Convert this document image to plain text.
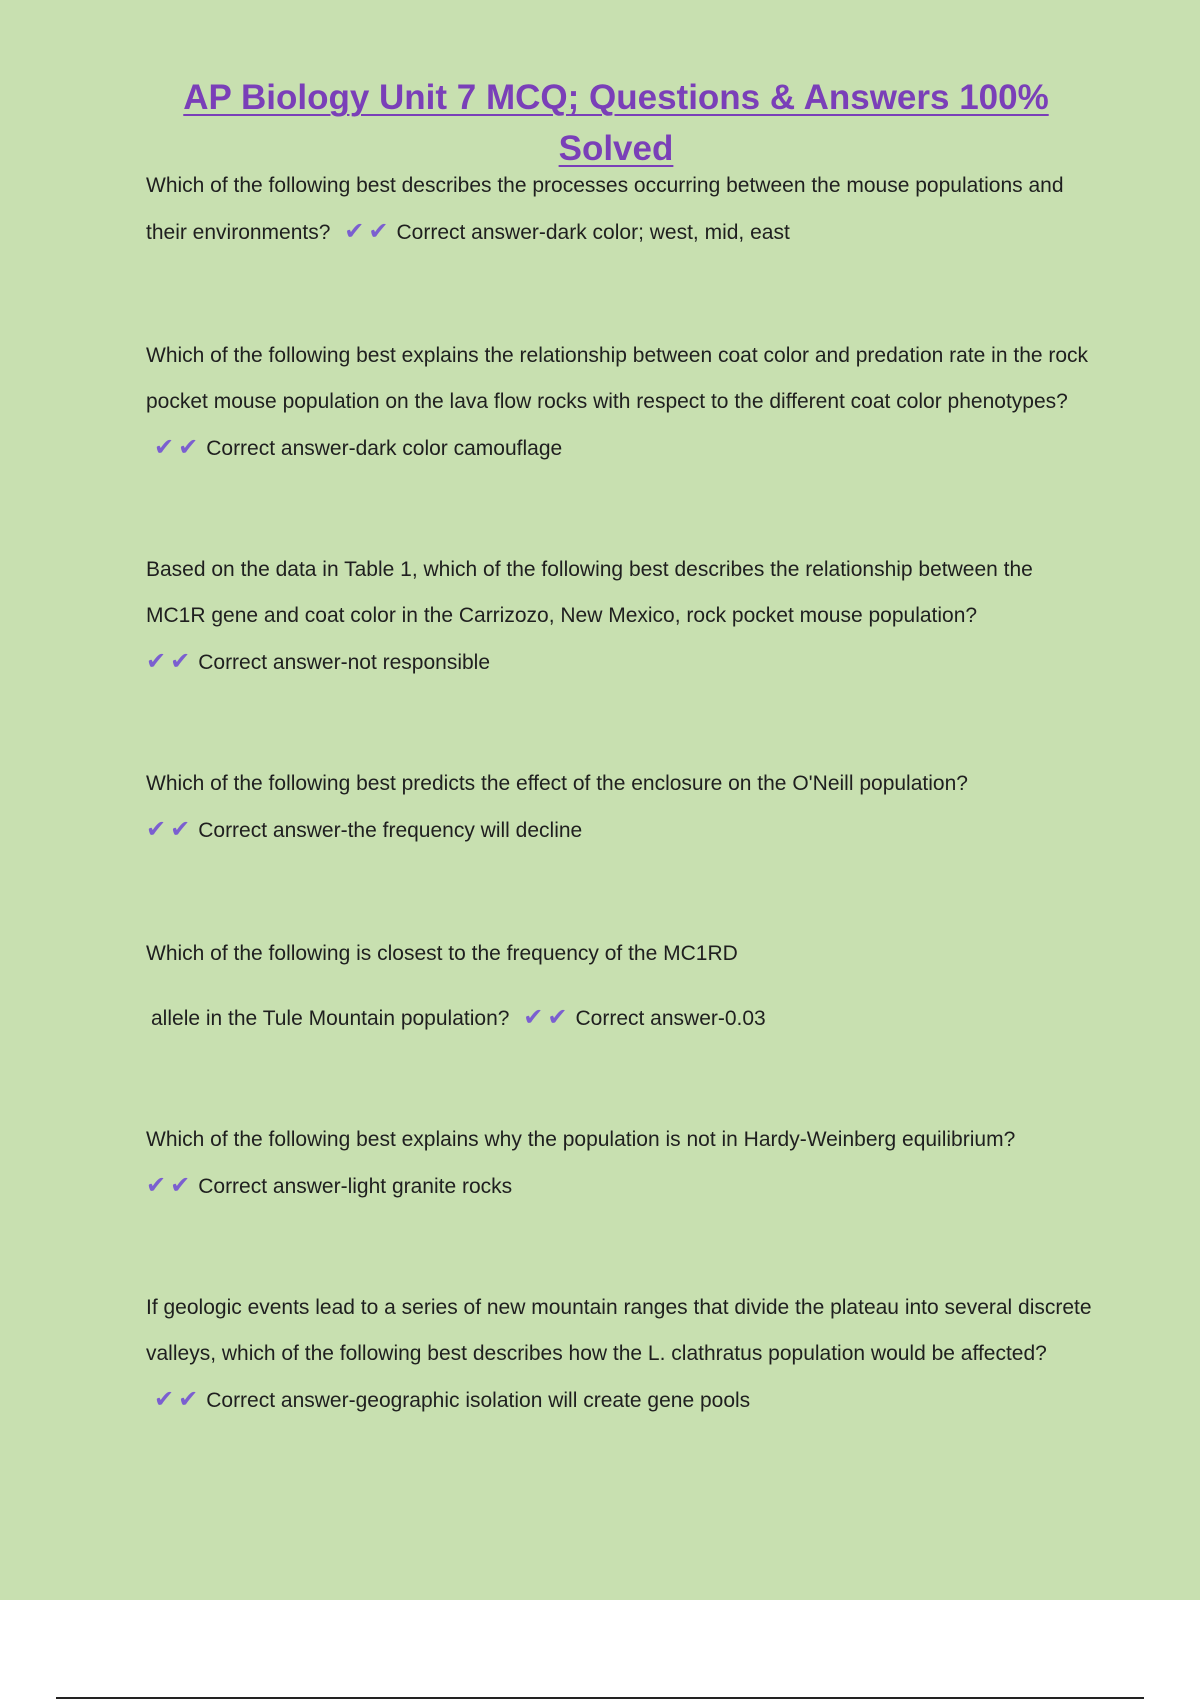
AP Biology Unit 7 MCQ; Questions & Answers 100% Solved

Which of the following best describes the processes occurring between the mouse populations and their environments? ✔✔ Correct answer-dark color; west, mid, east

Which of the following best explains the relationship between coat color and predation rate in the rock pocket mouse population on the lava flow rocks with respect to the different coat color phenotypes? ✔✔ Correct answer-dark color camouflage

Based on the data in Table 1, which of the following best describes the relationship between the MC1R gene and coat color in the Carrizozo, New Mexico, rock pocket mouse population?
✔✔ Correct answer-not responsible

Which of the following best predicts the effect of the enclosure on the O'Neill population?
✔✔ Correct answer-the frequency will decline

Which of the following is closest to the frequency of the MC1RD
allele in the Tule Mountain population? ✔✔ Correct answer-0.03

Which of the following best explains why the population is not in Hardy-Weinberg equilibrium?
✔✔ Correct answer-light granite rocks

If geologic events lead to a series of new mountain ranges that divide the plateau into several discrete valleys, which of the following best describes how the L. clathratus population would be affected? ✔✔ Correct answer-geographic isolation will create gene pools
